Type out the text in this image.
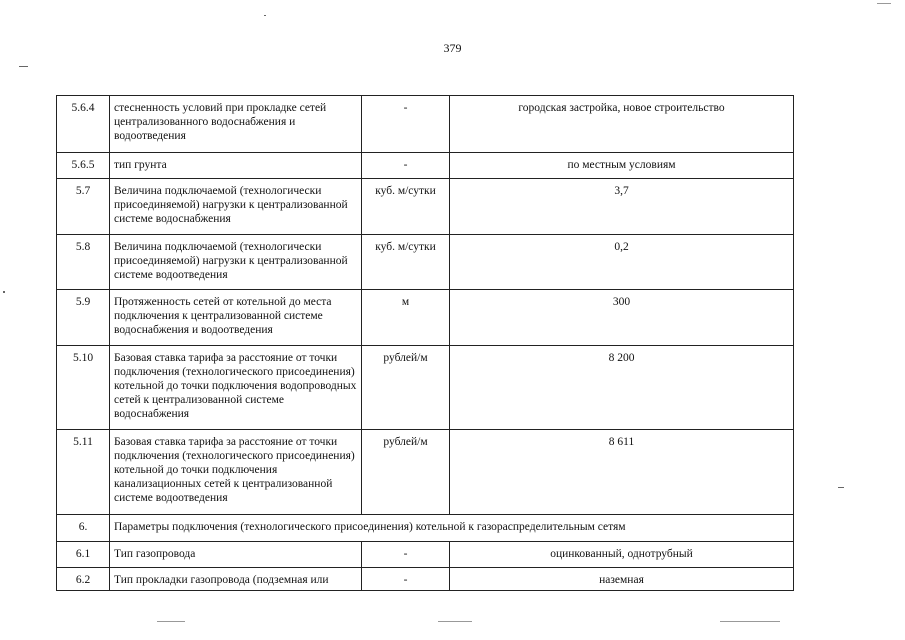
379
5.6.4	стесненность условий при прокладке сетей централизованного водоснабжения и водоотведения	-	городская застройка, новое строительство
5.6.5	тип грунта	-	по местным условиям
5.7	Величина подключаемой (технологически присоединяемой) нагрузки к централизованной системе водоснабжения	куб. м/сутки	3,7
5.8	Величина подключаемой (технологически присоединяемой) нагрузки к централизованной системе водоотведения	куб. м/сутки	0,2
5.9	Протяженность сетей от котельной до места подключения к централизованной системе водоснабжения и водоотведения	м	300
5.10	Базовая ставка тарифа за расстояние от точки подключения (технологического присоединения) котельной до точки подключения водопроводных сетей к централизованной системе водоснабжения	рублей/м	8 200
5.11	Базовая ставка тарифа за расстояние от точки подключения (технологического присоединения) котельной до точки подключения канализационных сетей к централизованной системе водоотведения	рублей/м	8 611
6.	Параметры подключения (технологического присоединения) котельной к газораспределительным сетям		
6.1	Тип газопровода	-	оцинкованный, однотрубный
6.2	Тип прокладки газопровода (подземная или	-	наземная
